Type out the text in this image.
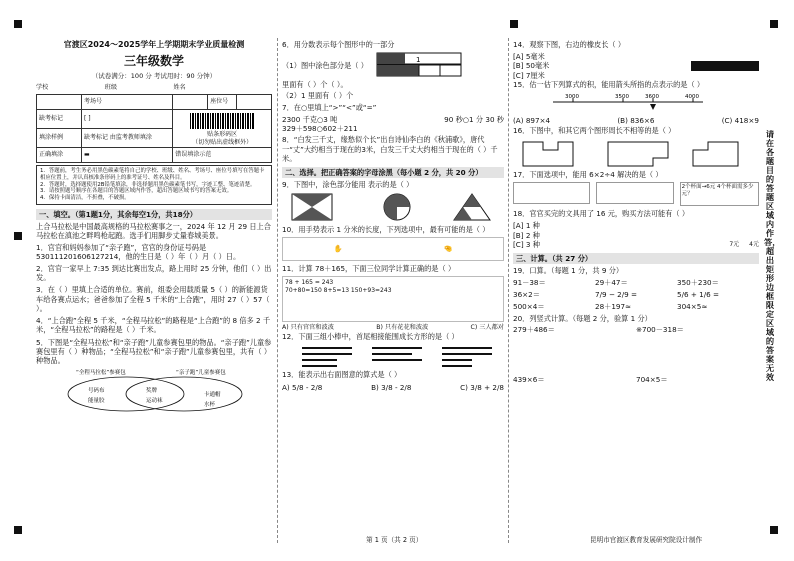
官渡区2024～2025学年上学期期末学业质量检测
三年级数学
（试卷满分：100 分 考试用时：90 分钟）
学校	班级	姓名
	考场号		座位号	
缺考标记	[ ]	贴条形码区
（切勿贴出虚线框外）		

填涂样例	缺考标记 由监考教师填涂			
正确填涂	▬	错误填涂示范		
1．答题前，考生务必用黑色碳素笔将自己的学校、班级、姓名、考场号、座位号填写在答题卡相应位置上，并认真核准条形码上的准考证号、姓名及科目。
2．答题时，选择题使用2B铅笔填涂，非选择题用黑色碳素笔书写，字迹工整、笔迹清楚。
3．请按照题号顺序在各题目的答题区域内作答，超出答题区域书写的答案无效。
4．保持卡面清洁，不折叠，不破损。
一、填空。（第1题1分，其余每空1分，共18分）

上合马拉松是中国最高规格的马拉松赛事之一，2024 年 12 月 29 日上合马拉松在滇池之畔鸣枪起跑。选手们用脚步丈量春城美景。

1．官官和妈妈参加了“亲子跑”，官官的身份证号码是530111201606127214，他的生日是（ ）年（ ）月（ ）日。

2．官官一家早上 7:35 到达比赛出发点，路上用时 25 分钟，他们（ ）出发。

3．在（ ）里填上合适的单位。赛前，组委会用载质量 5（ ）的新能源货车给各赛点运水；爸爸参加了全程 5 千米的“上合跑”，用时 27（ ）57（ ）。

4．“上合跑”全程 5 千米，“全程马拉松”的路程是“上合跑”的 8 倍多 2 千米，“全程马拉松”的路程是（ ）千米。

5．下图是“全程马拉松”和“亲子跑”儿童参赛包里的物品。“亲子跑”儿童参赛包里有（ ）种物品；“全程马拉松”和“亲子跑”儿童参赛包里，共有（ ）种物品。

“全程马拉松”参赛包	“亲子跑”儿童参赛包
号码布
能量胶
奖牌
运动袜
卡通帽
水杯

6．用分数表示每个图形中的一部分

（1）图中涂色部分是（ ）
1

里面有（ ）个（ ）。

（2）1 里面有（ ）个

7．在○里填上“>”“<”或“=”

2300 千克○3 吨	90 秒○1 分 30 秒

329＋598○602＋211

8．“白发三千丈，缘愁似个长”出自诗仙李白的《秋浦歌》，唐代一“丈”大约相当于现在的3米，白发三千丈大约相当于现在的（ ）千米。

二、选择。把正确答案的字母涂黑（每小题 2 分，共 20 分）

9．下图中，涂色部分能用 表示的是（ ）

10．用手势表示 1 分米的长度，下列选项中，最有可能的是（ ）

✋	🤏

11．计算 78＋165，下面三位同学计算正确的是（ ）

78 + 165 = 243
70+80=150 8+5=13 150+93=243
A) 只有官官和波波	B) 只有花花和波波	C) 三人都对

12．下面三组小棒中，首尾相接能围成长方形的是（ ）

13．能表示出右面图意的算式是（ ）

A) 5/8 - 2/8	B) 3/8 - 2/8	C) 3/8 + 2/8

14．观察下图，右边的橡皮长（ ）

[A] 5毫米
[B] 50毫米
[C] 7厘米

15．估一估下列算式的积，能用箭头所指的点表示的是（ ）

3000	3500	3600	4000
(A) 897×4	(B) 836×6	(C) 418×9

16．下图中，和其它两个图形周长不相等的是（ ）

17．下面选项中，能用 6×2÷4 解决的是（ ）

2个杯面→6元 4个杯面需多少元？

18．官官买完的文具用了 16 元，购买方法可能有（ ）

[A] 1 种
[B] 2 种
[C] 3 种	7元 4元
三、计算。（共 27 分）

19．口算。（每题 1 分，共 9 分）

91－38＝	29＋47＝	350＋230＝
36×2＝	7/9 − 2/9 =	5/6 + 1/6 =
500×4＝	28＋197≈	304×5≈

20．列竖式计算。（每题 2 分，验算 1 分）

279＋486＝	※700－318＝
439×6＝	704×5＝
请在各题目的答题区域内作答，超出矩形边框限定区域的答案无效
第 1 页（共 2 页）	昆明市官渡区教育发展研究院设计制作
